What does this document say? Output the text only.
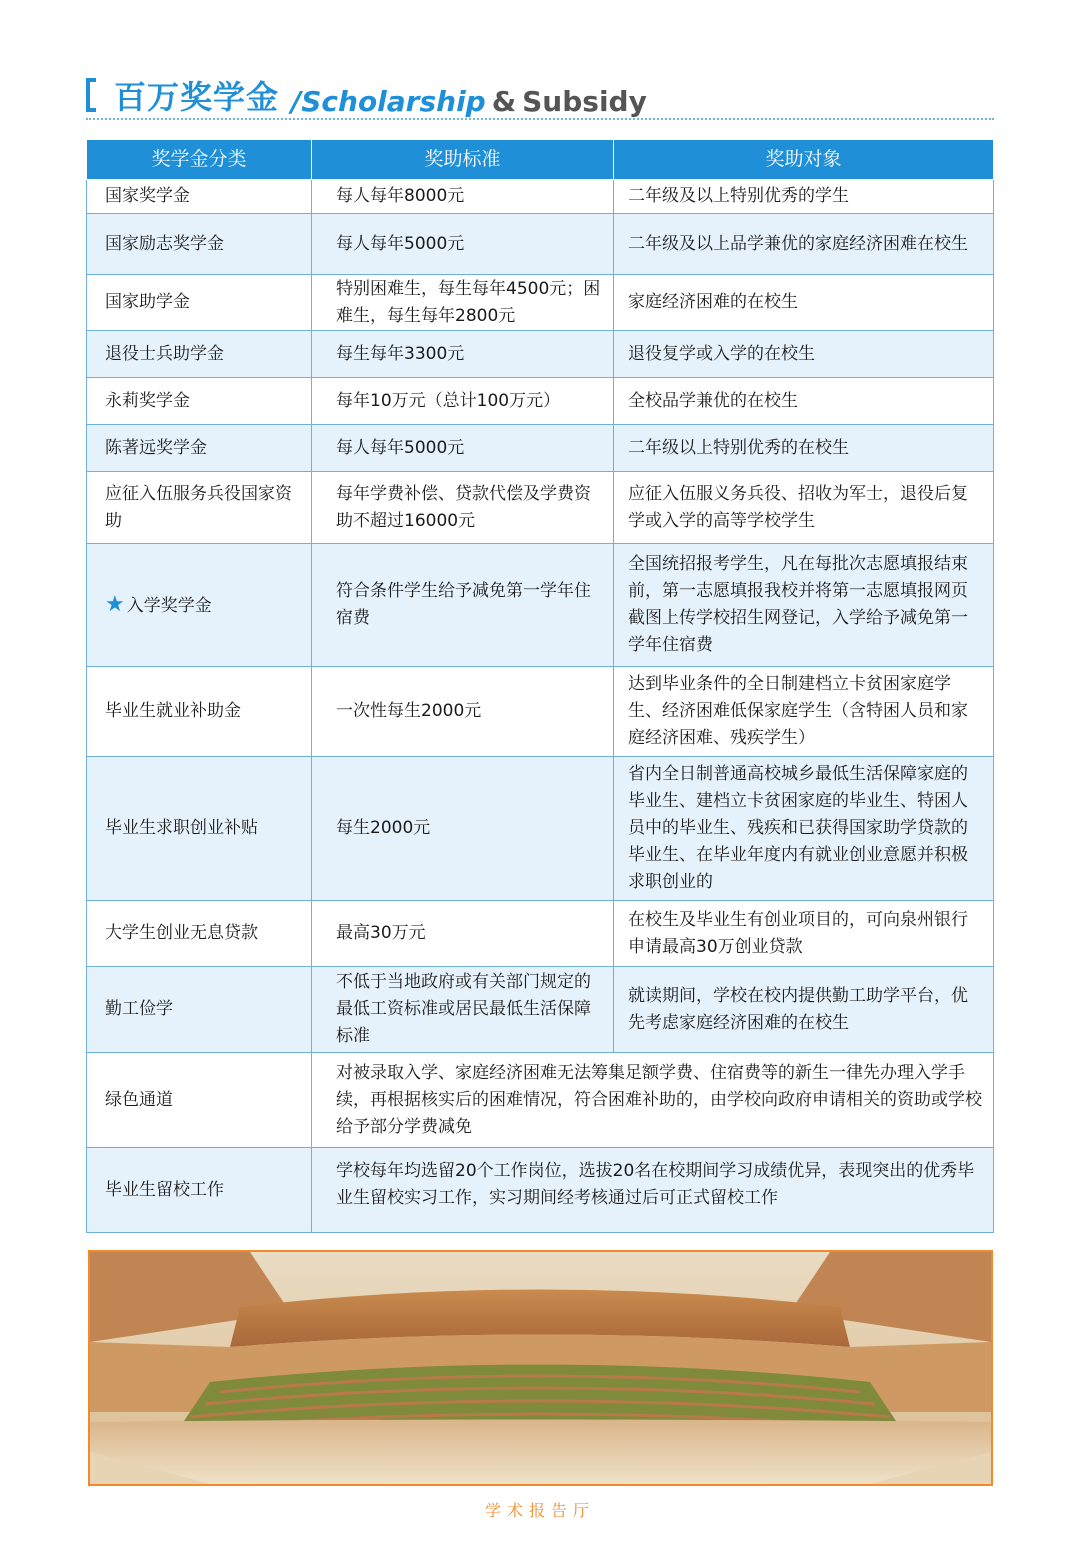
百万奖学金 /Scholarship & Subsidy
奖学金分类	奖助标准	奖助对象
国家奖学金	每人每年8000元	二年级及以上特别优秀的学生
国家励志奖学金	每人每年5000元	二年级及以上品学兼优的家庭经济困难在校生
国家助学金	特别困难生，每生每年4500元；困难生，每生每年2800元	家庭经济困难的在校生
退役士兵助学金	每生每年3300元	退役复学或入学的在校生
永莉奖学金	每年10万元（总计100万元）	全校品学兼优的在校生
陈著远奖学金	每人每年5000元	二年级以上特别优秀的在校生
应征入伍服务兵役国家资助	每年学费补偿、贷款代偿及学费资助不超过16000元	应征入伍服义务兵役、招收为军士，退役后复学或入学的高等学校学生
★ 入学奖学金	符合条件学生给予减免第一学年住宿费	全国统招报考学生，凡在每批次志愿填报结束前，第一志愿填报我校并将第一志愿填报网页截图上传学校招生网登记，入学给予减免第一学年住宿费
毕业生就业补助金	一次性每生2000元	达到毕业条件的全日制建档立卡贫困家庭学生、经济困难低保家庭学生（含特困人员和家庭经济困难、残疾学生）
毕业生求职创业补贴	每生2000元	省内全日制普通高校城乡最低生活保障家庭的毕业生、建档立卡贫困家庭的毕业生、特困人员中的毕业生、残疾和已获得国家助学贷款的毕业生、在毕业年度内有就业创业意愿并积极求职创业的
大学生创业无息贷款	最高30万元	在校生及毕业生有创业项目的，可向泉州银行申请最高30万创业贷款
勤工俭学	不低于当地政府或有关部门规定的最低工资标准或居民最低生活保障标准	就读期间，学校在校内提供勤工助学平台，优先考虑家庭经济困难的在校生
绿色通道	对被录取入学、家庭经济困难无法筹集足额学费、住宿费等的新生一律先办理入学手续，再根据核实后的困难情况，符合困难补助的，由学校向政府申请相关的资助或学校给予部分学费减免	
毕业生留校工作	学校每年均选留20个工作岗位，选拔20名在校期间学习成绩优异，表现突出的优秀毕业生留校实习工作，实习期间经考核通过后可正式留校工作	
学术报告厅
